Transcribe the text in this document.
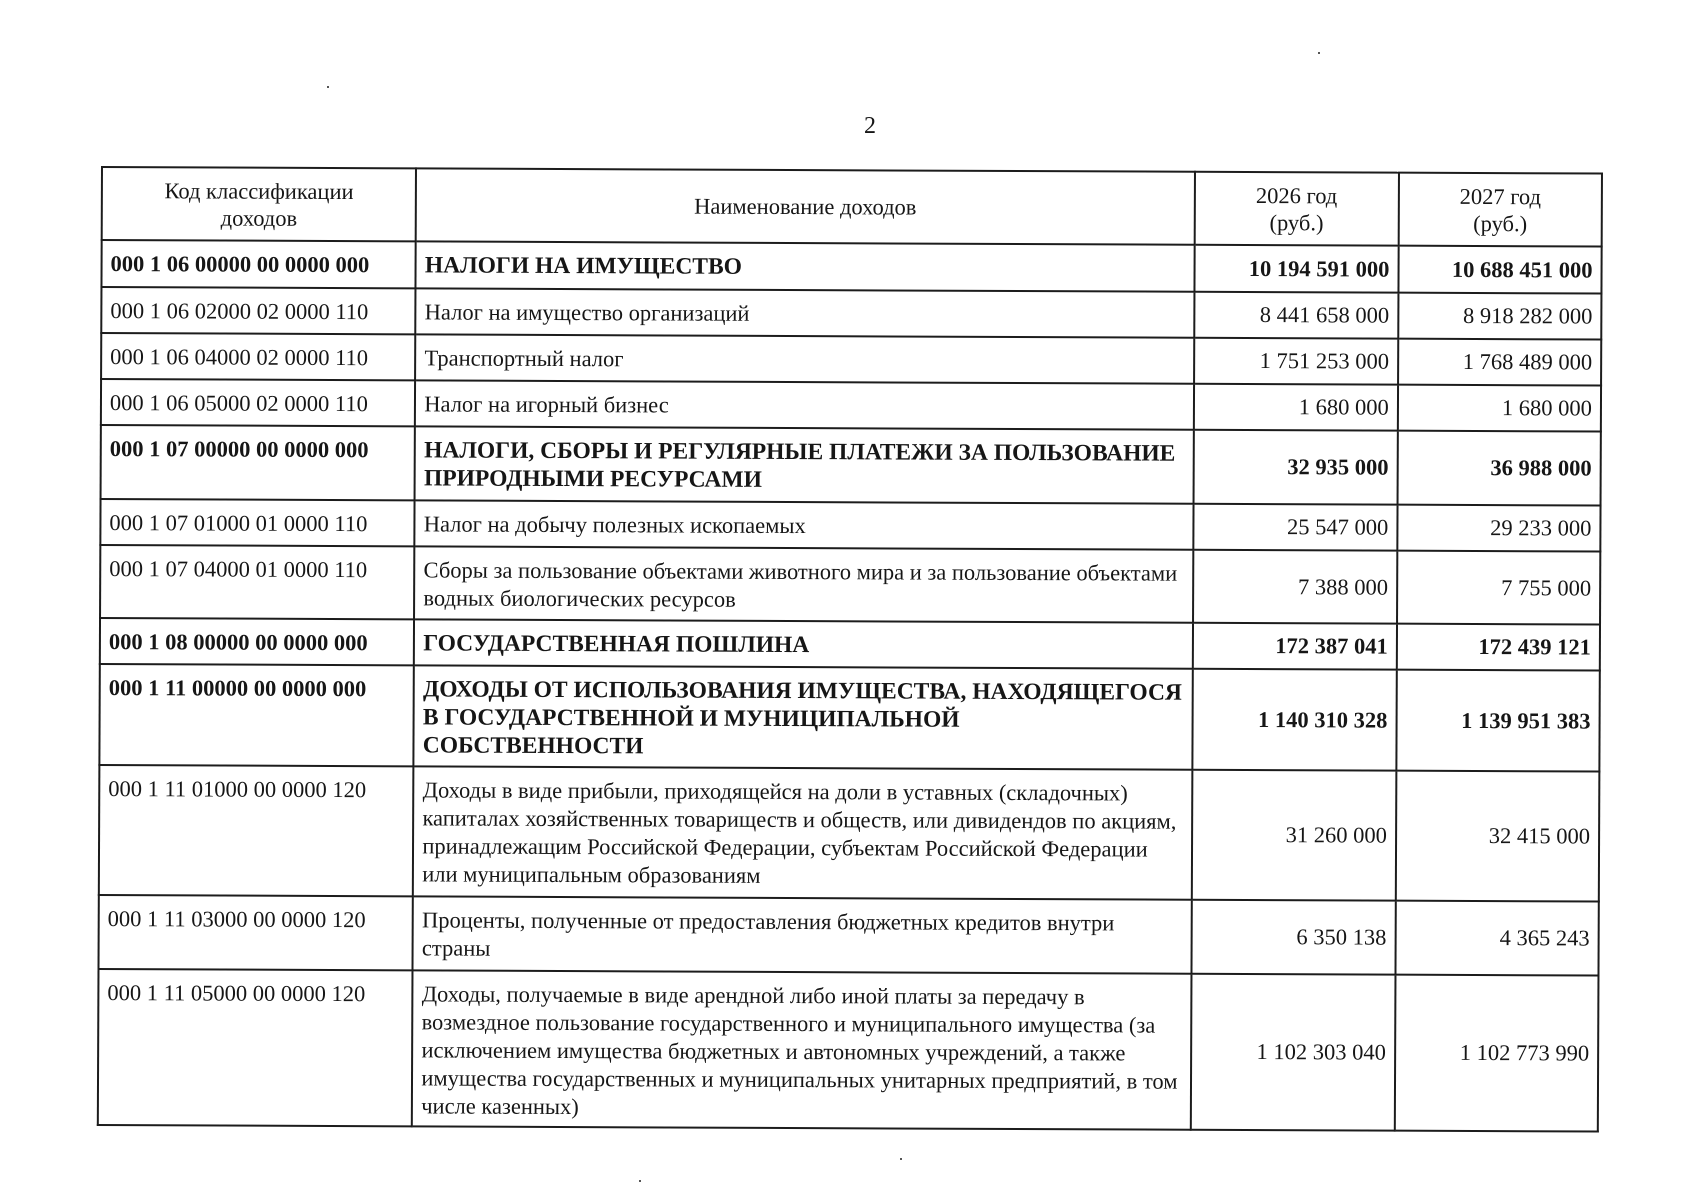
2
Код классификации доходов	Наименование доходов	2026 год (руб.)	2027 год (руб.)
000 1 06 00000 00 0000 000	НАЛОГИ НА ИМУЩЕСТВО	10 194 591 000	10 688 451 000
000 1 06 02000 02 0000 110	Налог на имущество организаций	8 441 658 000	8 918 282 000
000 1 06 04000 02 0000 110	Транспортный налог	1 751 253 000	1 768 489 000
000 1 06 05000 02 0000 110	Налог на игорный бизнес	1 680 000	1 680 000
000 1 07 00000 00 0000 000	НАЛОГИ, СБОРЫ И РЕГУЛЯРНЫЕ ПЛАТЕЖИ ЗА ПОЛЬЗОВАНИЕ ПРИРОДНЫМИ РЕСУРСАМИ	32 935 000	36 988 000
000 1 07 01000 01 0000 110	Налог на добычу полезных ископаемых	25 547 000	29 233 000
000 1 07 04000 01 0000 110	Сборы за пользование объектами животного мира и за пользование объектами водных биологических ресурсов	7 388 000	7 755 000
000 1 08 00000 00 0000 000	ГОСУДАРСТВЕННАЯ ПОШЛИНА	172 387 041	172 439 121
000 1 11 00000 00 0000 000	ДОХОДЫ ОТ ИСПОЛЬЗОВАНИЯ ИМУЩЕСТВА, НАХОДЯЩЕГОСЯ В ГОСУДАРСТВЕННОЙ И МУНИЦИПАЛЬНОЙ СОБСТВЕННОСТИ	1 140 310 328	1 139 951 383
000 1 11 01000 00 0000 120	Доходы в виде прибыли, приходящейся на доли в уставных (складочных) капиталах хозяйственных товариществ и обществ, или дивидендов по акциям, принадлежащим Российской Федерации, субъектам Российской Федерации или муниципальным образованиям	31 260 000	32 415 000
000 1 11 03000 00 0000 120	Проценты, полученные от предоставления бюджетных кредитов внутри страны	6 350 138	4 365 243
000 1 11 05000 00 0000 120	Доходы, получаемые в виде арендной либо иной платы за передачу в возмездное пользование государственного и муниципального имущества (за исключением имущества бюджетных и автономных учреждений, а также имущества государственных и муниципальных унитарных предприятий, в том числе казенных)	1 102 303 040	1 102 773 990
